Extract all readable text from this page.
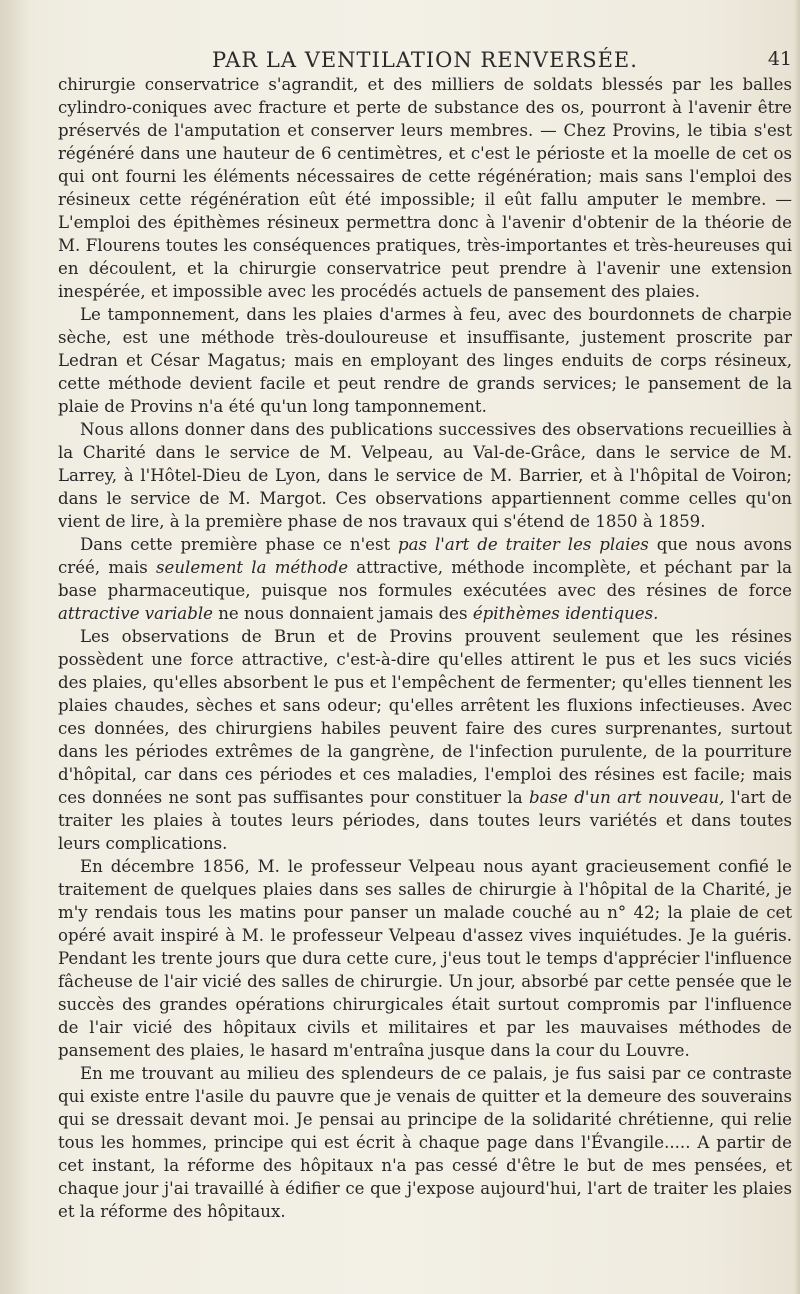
PAR LA VENTILATION RENVERSÉE.	41

chirurgie conservatrice s'agrandit, et des milliers de soldats blessés par les balles cylindro-coniques avec fracture et perte de substance des os, pourront à l'avenir être préservés de l'amputation et conserver leurs membres. — Chez Provins, le tibia s'est régénéré dans une hauteur de 6 centimètres, et c'est le périoste et la moelle de cet os qui ont fourni les éléments nécessaires de cette régénération; mais sans l'emploi des résineux cette régénération eût été impossible; il eût fallu amputer le membre. — L'emploi des épithèmes résineux permettra donc à l'avenir d'obtenir de la théorie de M. Flourens toutes les conséquences pratiques, très-importantes et très-heureuses qui en découlent, et la chirurgie conservatrice peut prendre à l'avenir une extension inespérée, et impossible avec les procédés actuels de pansement des plaies.

Le tamponnement, dans les plaies d'armes à feu, avec des bourdonnets de charpie sèche, est une méthode très-douloureuse et insuffisante, justement proscrite par Ledran et César Magatus; mais en employant des linges enduits de corps résineux, cette méthode devient facile et peut rendre de grands services; le pansement de la plaie de Provins n'a été qu'un long tamponnement.

Nous allons donner dans des publications successives des observations recueillies à la Charité dans le service de M. Velpeau, au Val-de-Grâce, dans le service de M. Larrey, à l'Hôtel-Dieu de Lyon, dans le service de M. Barrier, et à l'hôpital de Voiron; dans le service de M. Margot. Ces observations appartiennent comme celles qu'on vient de lire, à la première phase de nos travaux qui s'étend de 1850 à 1859.

Dans cette première phase ce n'est pas l'art de traiter les plaies que nous avons créé, mais seulement la méthode attractive, méthode incomplète, et péchant par la base pharmaceutique, puisque nos formules exécutées avec des résines de force attractive variable ne nous donnaient jamais des épithèmes identiques.

Les observations de Brun et de Provins prouvent seulement que les résines possèdent une force attractive, c'est-à-dire qu'elles attirent le pus et les sucs viciés des plaies, qu'elles absorbent le pus et l'empêchent de fermenter; qu'elles tiennent les plaies chaudes, sèches et sans odeur; qu'elles arrêtent les fluxions infectieuses. Avec ces données, des chirurgiens habiles peuvent faire des cures surprenantes, surtout dans les périodes extrêmes de la gangrène, de l'infection purulente, de la pourriture d'hôpital, car dans ces périodes et ces maladies, l'emploi des résines est facile; mais ces données ne sont pas suffisantes pour constituer la base d'un art nouveau, l'art de traiter les plaies à toutes leurs périodes, dans toutes leurs variétés et dans toutes leurs complications.

En décembre 1856, M. le professeur Velpeau nous ayant gracieusement confié le traitement de quelques plaies dans ses salles de chirurgie à l'hôpital de la Charité, je m'y rendais tous les matins pour panser un malade couché au n° 42; la plaie de cet opéré avait inspiré à M. le professeur Velpeau d'assez vives inquiétudes. Je la guéris. Pendant les trente jours que dura cette cure, j'eus tout le temps d'apprécier l'influence fâcheuse de l'air vicié des salles de chirurgie. Un jour, absorbé par cette pensée que le succès des grandes opérations chirurgicales était surtout compromis par l'influence de l'air vicié des hôpitaux civils et militaires et par les mauvaises méthodes de pansement des plaies, le hasard m'entraîna jusque dans la cour du Louvre.

En me trouvant au milieu des splendeurs de ce palais, je fus saisi par ce contraste qui existe entre l'asile du pauvre que je venais de quitter et la demeure des souverains qui se dressait devant moi. Je pensai au principe de la solidarité chrétienne, qui relie tous les hommes, principe qui est écrit à chaque page dans l'Évangile..... A partir de cet instant, la réforme des hôpitaux n'a pas cessé d'être le but de mes pensées, et chaque jour j'ai travaillé à édifier ce que j'expose aujourd'hui, l'art de traiter les plaies et la réforme des hôpitaux.
